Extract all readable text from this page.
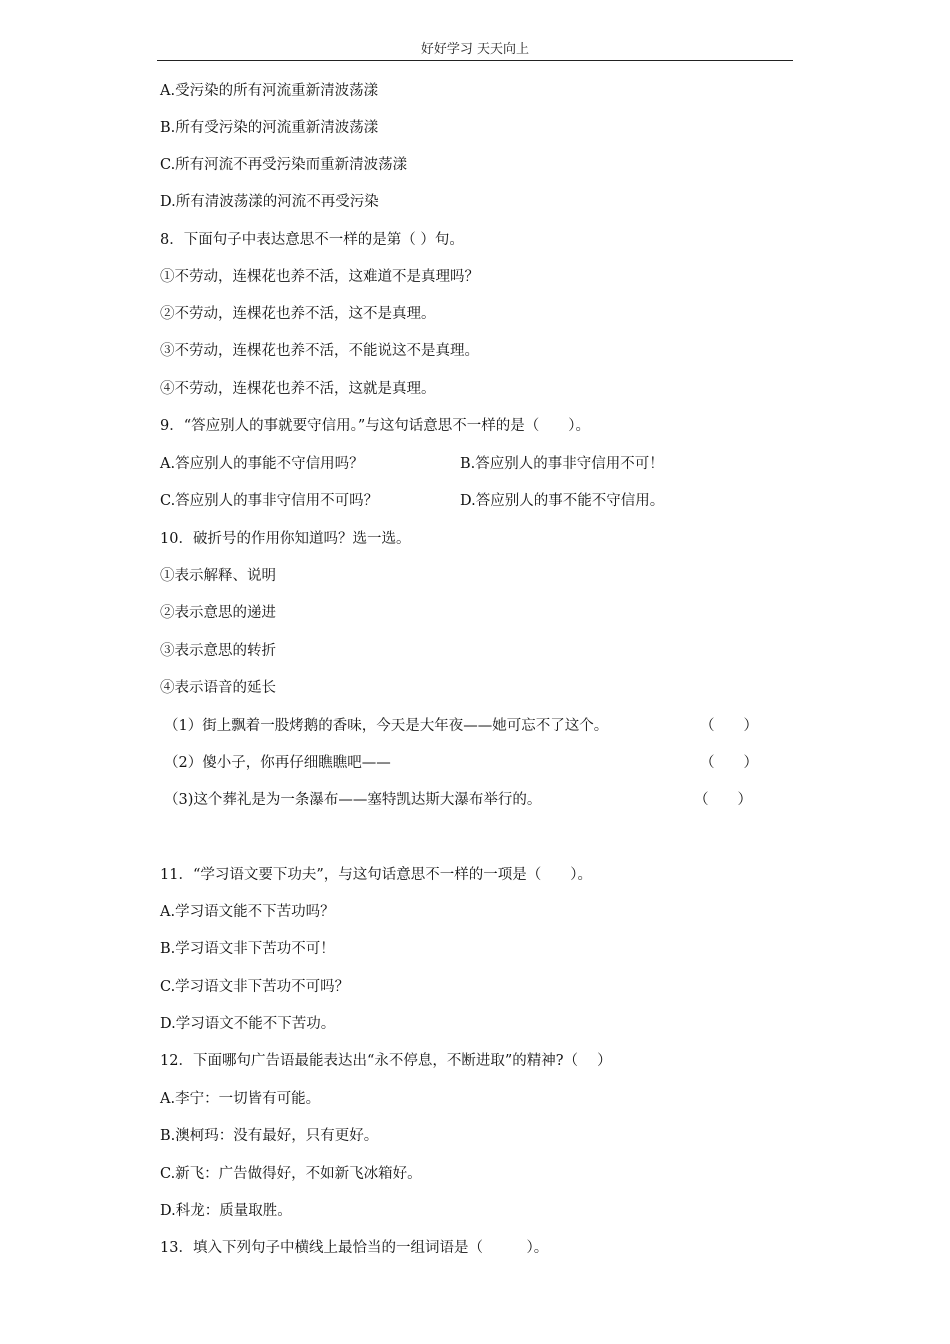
好好学习 天天向上
A.受污染的所有河流重新清波荡漾
B.所有受污染的河流重新清波荡漾
C.所有河流不再受污染而重新清波荡漾
D.所有清波荡漾的河流不再受污染
8．下面句子中表达意思不一样的是第（ ）句。
①不劳动，连棵花也养不活，这难道不是真理吗？
②不劳动，连棵花也养不活，这不是真理。
③不劳动，连棵花也养不活，不能说这不是真理。
④不劳动，连棵花也养不活，这就是真理。
9．“答应别人的事就要守信用。”与这句话意思不一样的是（　　）。
A.答应别人的事能不守信用吗？	B.答应别人的事非守信用不可！
C.答应别人的事非守信用不可吗？	D.答应别人的事不能不守信用。
10．破折号的作用你知道吗？选一选。
①表示解释、说明
②表示意思的递进
③表示意思的转折
④表示语音的延长
（1）街上飘着一股烤鹅的香味，今天是大年夜——她可忘不了这个。	（　　）
（2）傻小子，你再仔细瞧瞧吧——	（　　）
（3)这个葬礼是为一条瀑布——塞特凯达斯大瀑布举行的。	（　　）
11．“学习语文要下功夫”，与这句话意思不一样的一项是（　　）。
A.学习语文能不下苦功吗？
B.学习语文非下苦功不可！
C.学习语文非下苦功不可吗？
D.学习语文不能不下苦功。
12．下面哪句广告语最能表达出“永不停息，不断进取”的精神?（　 ）
A.李宁：一切皆有可能。
B.澳柯玛：没有最好，只有更好。
C.新飞：广告做得好，不如新飞冰箱好。
D.科龙：质量取胜。
13．填入下列句子中横线上最恰当的一组词语是（　　　）。
